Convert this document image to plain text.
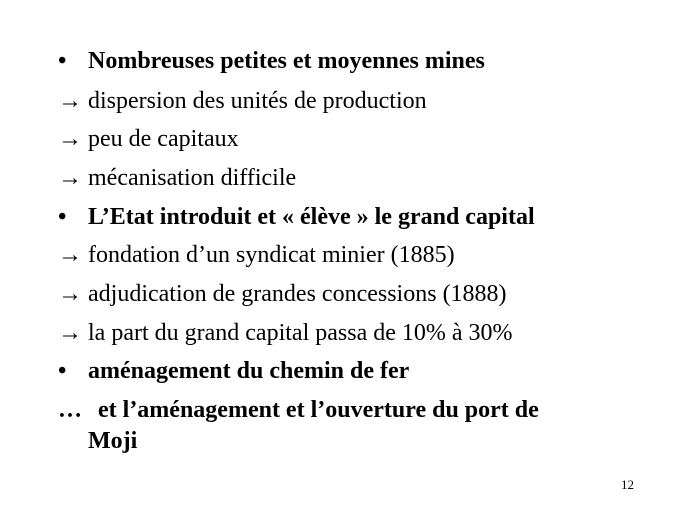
• Nombreuses petites et moyennes mines
→ dispersion des unités de production
→ peu de capitaux
→ mécanisation difficile
• L’Etat introduit et « élève » le grand capital
→ fondation d’un syndicat minier (1885)
→ adjudication de grandes concessions (1888)
→ la part du grand capital passa de 10% à 30%
• aménagement du chemin de fer
… et l’aménagement et l’ouverture du port de
Moji
12
